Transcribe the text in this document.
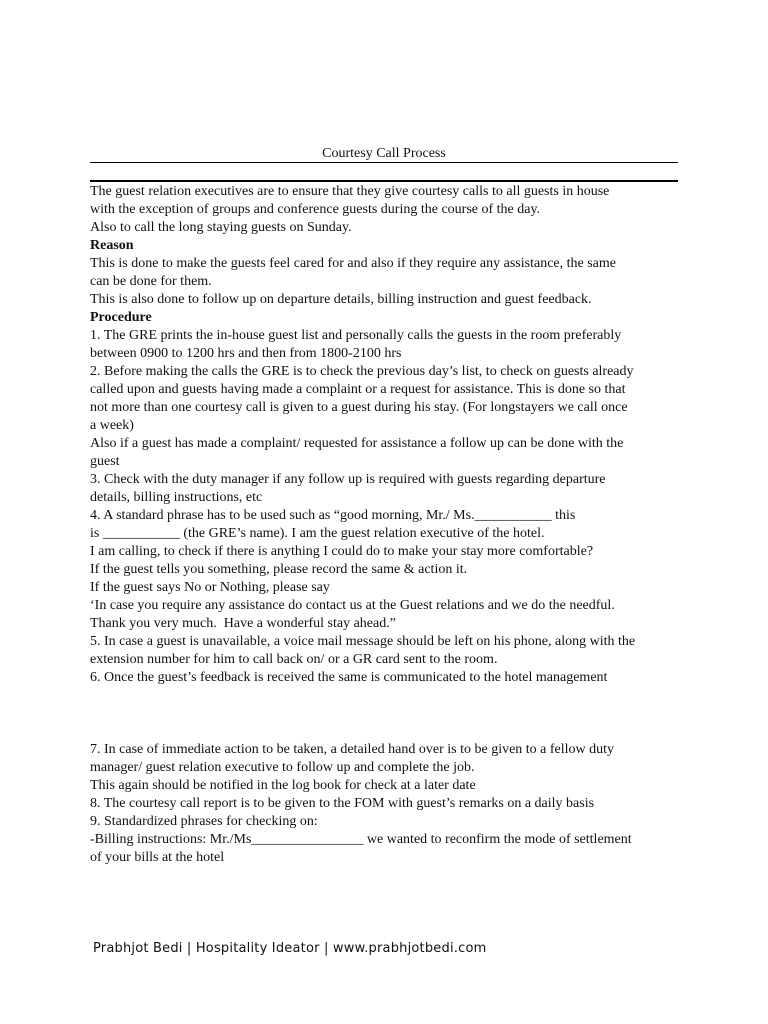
Courtesy Call Process
The guest relation executives are to ensure that they give courtesy calls to all guests in house
with the exception of groups and conference guests during the course of the day.
Also to call the long staying guests on Sunday.
Reason
This is done to make the guests feel cared for and also if they require any assistance, the same
can be done for them.
This is also done to follow up on departure details, billing instruction and guest feedback.
Procedure
1. The GRE prints the in-house guest list and personally calls the guests in the room preferably
between 0900 to 1200 hrs and then from 1800-2100 hrs
2. Before making the calls the GRE is to check the previous day’s list, to check on guests already
called upon and guests having made a complaint or a request for assistance. This is done so that
not more than one courtesy call is given to a guest during his stay. (For longstayers we call once
a week)
Also if a guest has made a complaint/ requested for assistance a follow up can be done with the
guest
3. Check with the duty manager if any follow up is required with guests regarding departure
details, billing instructions, etc
4. A standard phrase has to be used such as “good morning, Mr./ Ms.___________ this
is ___________ (the GRE’s name). I am the guest relation executive of the hotel.
I am calling, to check if there is anything I could do to make your stay more comfortable?
If the guest tells you something, please record the same & action it.
If the guest says No or Nothing, please say
‘In case you require any assistance do contact us at the Guest relations and we do the needful.
Thank you very much.  Have a wonderful stay ahead.”
5. In case a guest is unavailable, a voice mail message should be left on his phone, along with the
extension number for him to call back on/ or a GR card sent to the room.
6. Once the guest’s feedback is received the same is communicated to the hotel management
7. In case of immediate action to be taken, a detailed hand over is to be given to a fellow duty
manager/ guest relation executive to follow up and complete the job.
This again should be notified in the log book for check at a later date
8. The courtesy call report is to be given to the FOM with guest’s remarks on a daily basis
9. Standardized phrases for checking on:
-Billing instructions: Mr./Ms________________ we wanted to reconfirm the mode of settlement
of your bills at the hotel
Prabhjot Bedi | Hospitality Ideator | www.prabhjotbedi.com
